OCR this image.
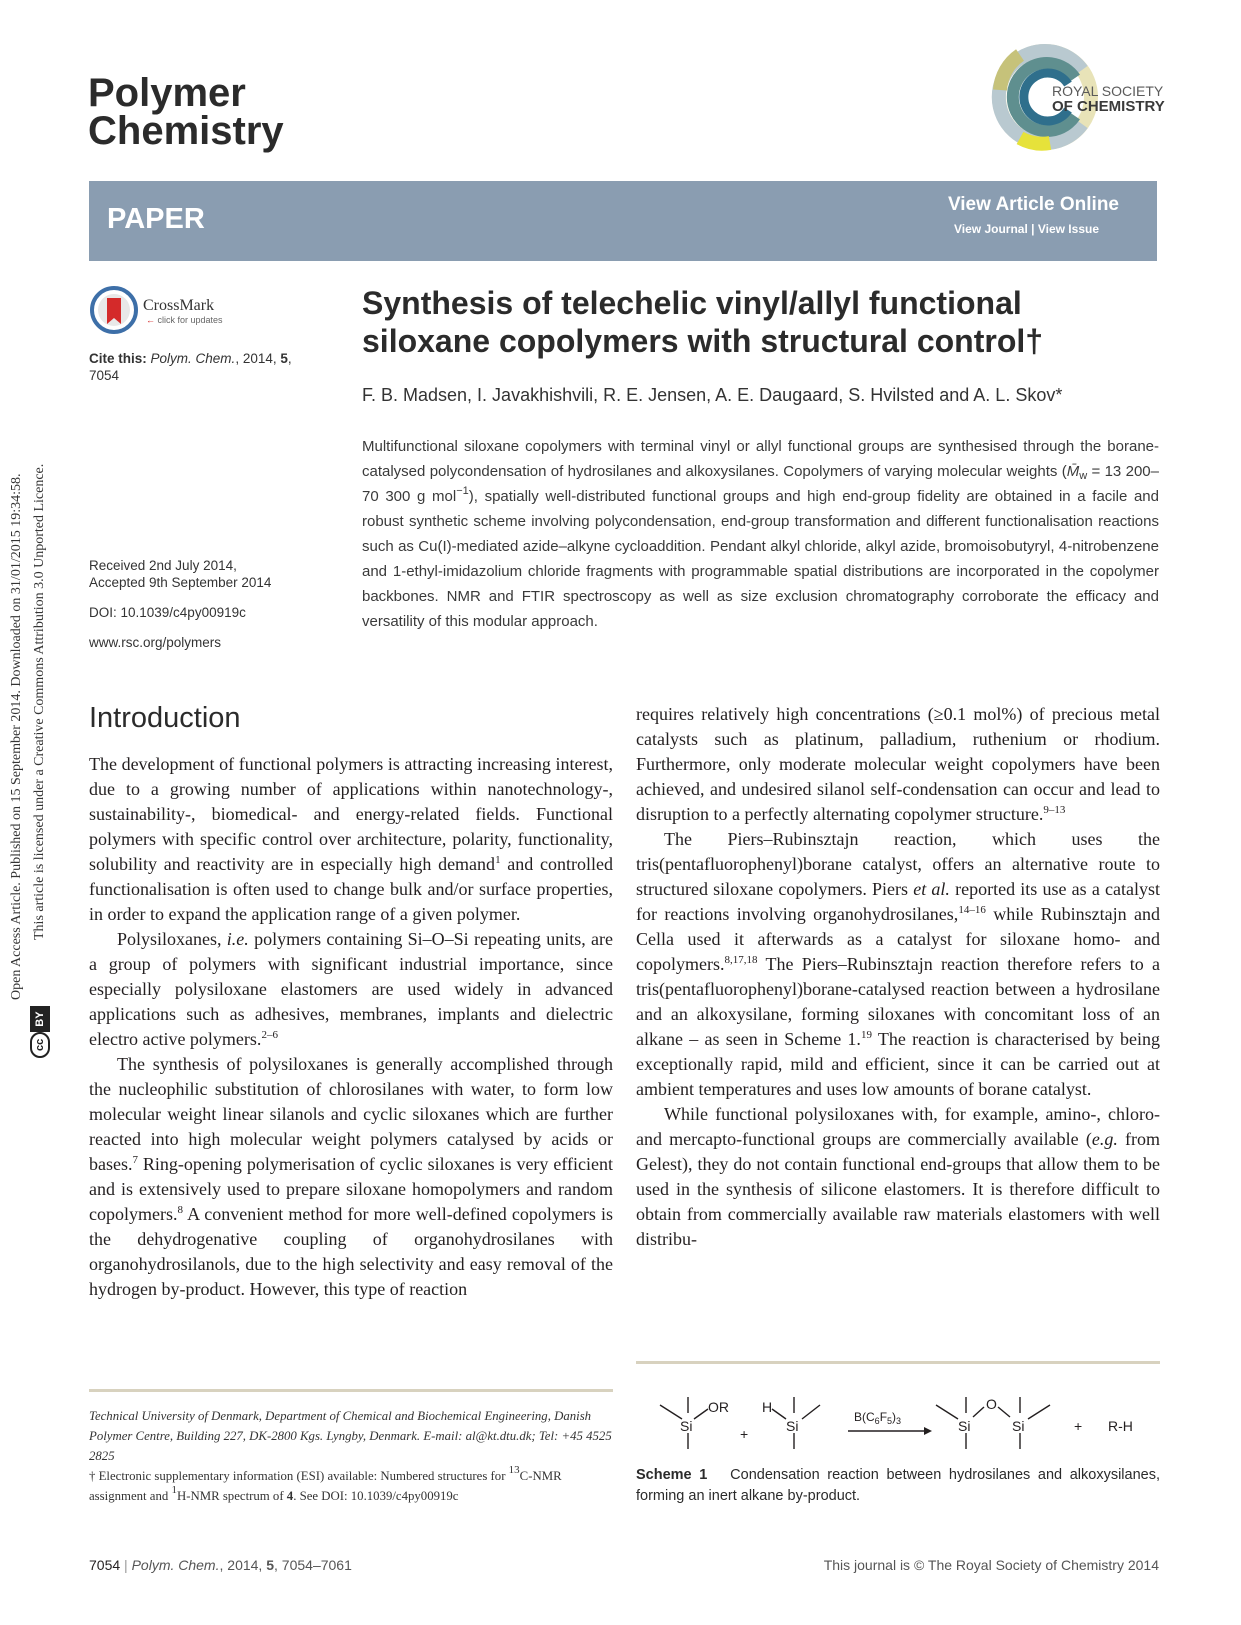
Polymer
Chemistry
ROYAL SOCIETY
OF CHEMISTRY
PAPER	View Article Online
View Journal | View Issue
CrossMark
← click for updates
Cite this: Polym. Chem., 2014, 5,
7054
Received 2nd July 2014,
Accepted 9th September 2014
DOI: 10.1039/c4py00919c
www.rsc.org/polymers
Synthesis of telechelic vinyl/allyl functional
siloxane copolymers with structural control†
F. B. Madsen, I. Javakhishvili, R. E. Jensen, A. E. Daugaard, S. Hvilsted and A. L. Skov*
Multifunctional siloxane copolymers with terminal vinyl or allyl functional groups are synthesised through the borane-catalysed polycondensation of hydrosilanes and alkoxysilanes. Copolymers of varying molecular weights ($M̄_w = 13$ 200–70 300 g mol$^{-1}$), spatially well-distributed functional groups and high end-group fidelity are obtained in a facile and robust synthetic scheme involving polycondensation, end-group transformation and different functionalisation reactions such as Cu(I)-mediated azide–alkyne cycloaddition. Pendant alkyl chloride, alkyl azide, bromoisobutyryl, 4-nitrobenzene and 1-ethyl-imidazolium chloride fragments with programmable spatial distributions are incorporated in the copolymer backbones. NMR and FTIR spectroscopy as well as size exclusion chromatography corroborate the efficacy and versatility of this modular approach.
Introduction

The development of functional polymers is attracting increasing interest, due to a growing number of applications within nanotechnology-, sustainability-, biomedical- and energy-related fields. Functional polymers with specific control over architecture, polarity, functionality, solubility and reactivity are in especially high demand$^1$ and controlled functionalisation is often used to change bulk and/or surface properties, in order to expand the application range of a given polymer.

Polysiloxanes, i.e. polymers containing Si–O–Si repeating units, are a group of polymers with significant industrial importance, since especially polysiloxane elastomers are used widely in advanced applications such as adhesives, membranes, implants and dielectric electro active polymers.$^{2-6}$

The synthesis of polysiloxanes is generally accomplished through the nucleophilic substitution of chlorosilanes with water, to form low molecular weight linear silanols and cyclic siloxanes which are further reacted into high molecular weight polymers catalysed by acids or bases.$^7$ Ring-opening polymerisation of cyclic siloxanes is very efficient and is extensively used to prepare siloxane homopolymers and random copolymers.$^8$ A convenient method for more well-defined copolymers is the dehydrogenative coupling of organohydrosilanes with organohydrosilanols, due to the high selectivity and easy removal of the hydrogen by-product. However, this type of reaction

requires relatively high concentrations (≥0.1 mol%) of precious metal catalysts such as platinum, palladium, ruthenium or rhodium. Furthermore, only moderate molecular weight copolymers have been achieved, and undesired silanol self-condensation can occur and lead to disruption to a perfectly alternating copolymer structure.$^{9-13}$

The Piers–Rubinsztajn reaction, which uses the tris(pentafluorophenyl)borane catalyst, offers an alternative route to structured siloxane copolymers. Piers et al. reported its use as a catalyst for reactions involving organohydrosilanes,$^{14-16}$ while Rubinsztajn and Cella used it afterwards as a catalyst for siloxane homo- and copolymers.$^{8,17,18}$ The Piers–Rubinsztajn reaction therefore refers to a tris(pentafluorophenyl)borane-catalysed reaction between a hydrosilane and an alkoxysilane, forming siloxanes with concomitant loss of an alkane – as seen in Scheme 1.19 The reaction is characterised by being exceptionally rapid, mild and efficient, since it can be carried out at ambient temperatures and uses low amounts of borane catalyst.

While functional polysiloxanes with, for example, amino-, chloro- and mercapto-functional groups are commercially available (e.g. from Gelest), they do not contain functional end-groups that allow them to be used in the synthesis of silicone elastomers. It is therefore difficult to obtain from commercially available raw materials elastomers with well distribu-

Technical University of Denmark, Department of Chemical and Biochemical Engineering, Danish Polymer Centre, Building 227, DK-2800 Kgs. Lyngby, Denmark. E-mail: al@kt.dtu.dk; Tel: +45 4525 2825
† Electronic supplementary information (ESI) available: Numbered structures for 13C-NMR assignment and 1H-NMR spectrum of 4. See DOI: 10.1039/c4py00919c
Si
OR
+
H
Si
$B(C_6F_5)_3$	Si
O
Si	+ R-H
Scheme 1 Condensation reaction between hydrosilanes and alkoxysilanes, forming an inert alkane by-product.
7054 | Polym. Chem., 2014, 5, 7054–7061	This journal is © The Royal Society of Chemistry 2014
Open Access Article. Published on 15 September 2014. Downloaded on 31/01/2015 19:34:58. This article is licensed under a Creative Commons Attribution 3.0 Unported Licence.
cc
BY
